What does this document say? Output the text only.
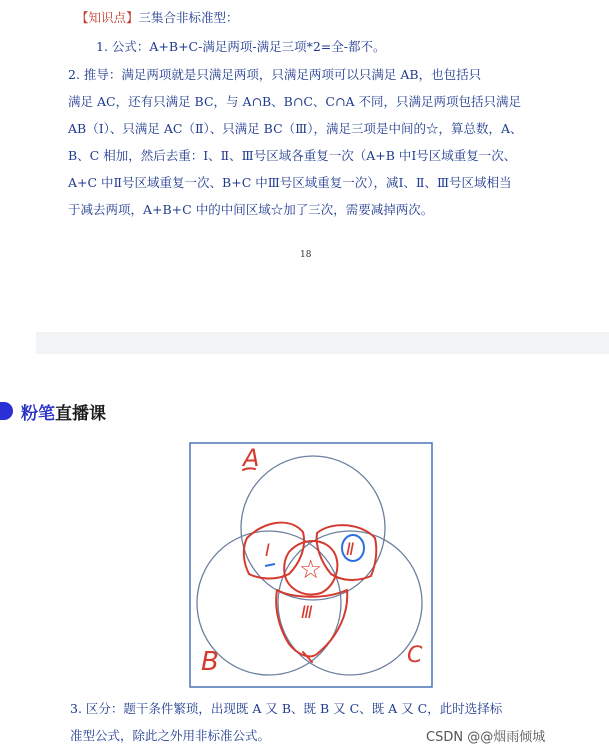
【知识点】三集合非标准型：
1. 公式：A+B+C-满足两项-满足三项*2=全-都不。
2. 推导：满足两项就是只满足两项，只满足两项可以只满足 AB，也包括只
满足 AC，还有只满足 BC，与 A∩B、B∩C、C∩A 不同，只满足两项包括只满足
AB（Ⅰ）、只满足 AC（Ⅱ）、只满足 BC（Ⅲ），满足三项是中间的☆，算总数，A、
B、C 相加，然后去重：Ⅰ、Ⅱ、Ⅲ号区域各重复一次（A+B 中Ⅰ号区域重复一次、
A+C 中Ⅱ号区域重复一次、B+C 中Ⅲ号区域重复一次），减Ⅰ、Ⅱ、Ⅲ号区域相当
于减去两项，A+B+C 中的中间区域☆加了三次，需要减掉两次。
18
粉笔 直播课
A
B	C
Ⅰ	Ⅱ
Ⅲ
☆
3. 区分：题干条件繁琐，出现既 A 又 B、既 B 又 C、既 A 又 C，此时选择标
准型公式，除此之外用非标准公式。	CSDN @@烟雨倾城
